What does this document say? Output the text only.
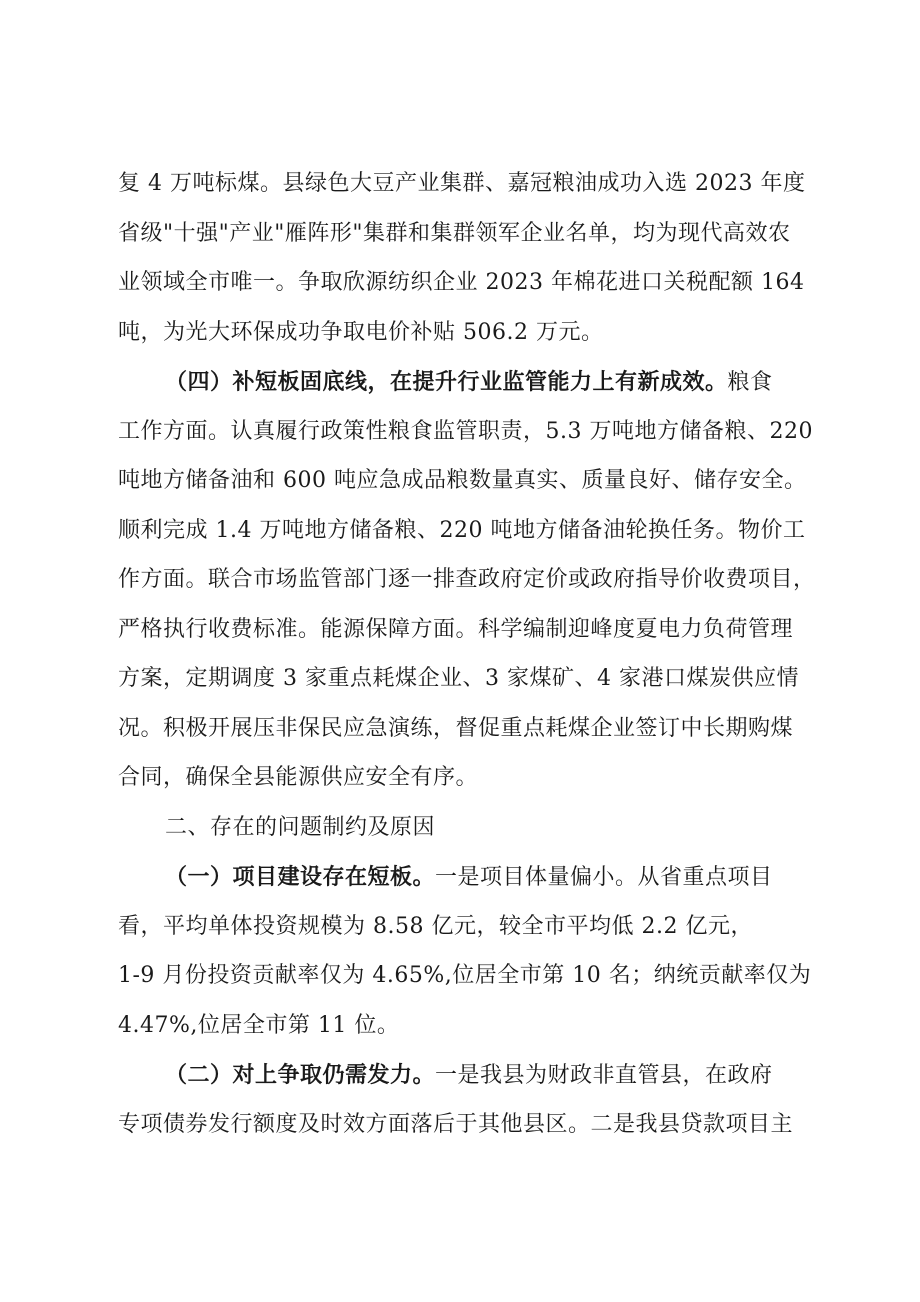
复 4 万吨标煤。县绿色大豆产业集群、嘉冠粮油成功入选 2023 年度
省级"十强"产业"雁阵形"集群和集群领军企业名单，均为现代高效农
业领域全市唯一。争取欣源纺织企业 2023 年棉花进口关税配额 164
吨，为光大环保成功争取电价补贴 506.2 万元。
（四）补短板固底线，在提升行业监管能力上有新成效。粮食
工作方面。认真履行政策性粮食监管职责，5.3 万吨地方储备粮、220
吨地方储备油和 600 吨应急成品粮数量真实、质量良好、储存安全。
顺利完成 1.4 万吨地方储备粮、220 吨地方储备油轮换任务。物价工
作方面。联合市场监管部门逐一排查政府定价或政府指导价收费项目，
严格执行收费标准。能源保障方面。科学编制迎峰度夏电力负荷管理
方案，定期调度 3 家重点耗煤企业、3 家煤矿、4 家港口煤炭供应情
况。积极开展压非保民应急演练，督促重点耗煤企业签订中长期购煤
合同，确保全县能源供应安全有序。
二、存在的问题制约及原因
（一）项目建设存在短板。一是项目体量偏小。从省重点项目
看，平均单体投资规模为 8.58 亿元，较全市平均低 2.2 亿元，
1-9 月份投资贡献率仅为 4.65%,位居全市第 10 名；纳统贡献率仅为
4.47%,位居全市第 11 位。
（二）对上争取仍需发力。一是我县为财政非直管县，在政府
专项债券发行额度及时效方面落后于其他县区。二是我县贷款项目主
